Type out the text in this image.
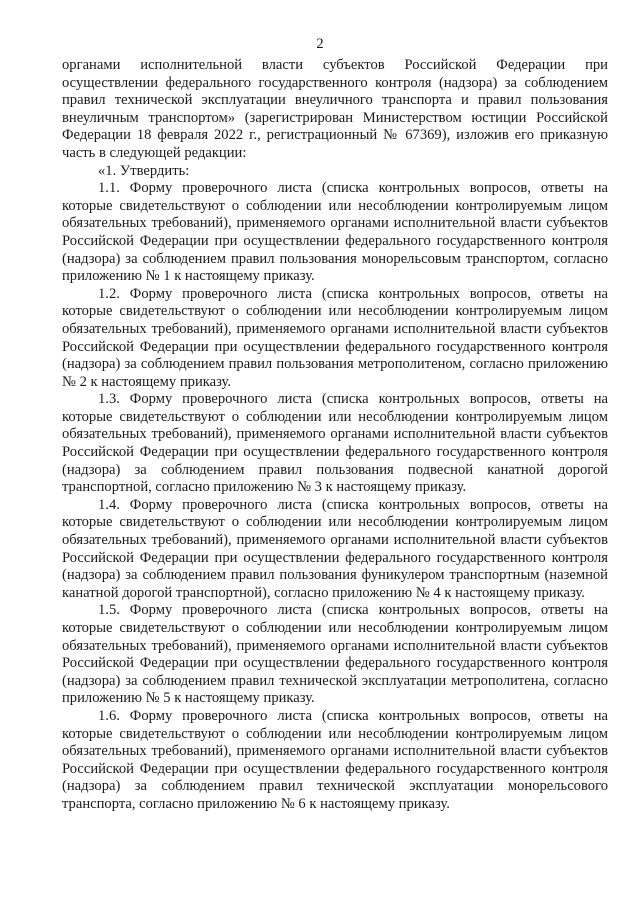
2

органами исполнительной власти субъектов Российской Федерации при осуществлении федерального государственного контроля (надзора) за соблюдением правил технической эксплуатации внеуличного транспорта и правил пользования внеуличным транспортом» (зарегистрирован Министерством юстиции Российской Федерации 18 февраля 2022 г., регистрационный № 67369), изложив его приказную часть в следующей редакции:

«1. Утвердить:

1.1. Форму проверочного листа (списка контрольных вопросов, ответы на которые свидетельствуют о соблюдении или несоблюдении контролируемым лицом обязательных требований), применяемого органами исполнительной власти субъектов Российской Федерации при осуществлении федерального государственного контроля (надзора) за соблюдением правил пользования монорельсовым транспортом, согласно приложению № 1 к настоящему приказу.

1.2. Форму проверочного листа (списка контрольных вопросов, ответы на которые свидетельствуют о соблюдении или несоблюдении контролируемым лицом обязательных требований), применяемого органами исполнительной власти субъектов Российской Федерации при осуществлении федерального государственного контроля (надзора) за соблюдением правил пользования метрополитеном, согласно приложению № 2 к настоящему приказу.

1.3. Форму проверочного листа (списка контрольных вопросов, ответы на которые свидетельствуют о соблюдении или несоблюдении контролируемым лицом обязательных требований), применяемого органами исполнительной власти субъектов Российской Федерации при осуществлении федерального государственного контроля (надзора) за соблюдением правил пользования подвесной канатной дорогой транспортной, согласно приложению № 3 к настоящему приказу.

1.4. Форму проверочного листа (списка контрольных вопросов, ответы на которые свидетельствуют о соблюдении или несоблюдении контролируемым лицом обязательных требований), применяемого органами исполнительной власти субъектов Российской Федерации при осуществлении федерального государственного контроля (надзора) за соблюдением правил пользования фуникулером транспортным (наземной канатной дорогой транспортной), согласно приложению № 4 к настоящему приказу.

1.5. Форму проверочного листа (списка контрольных вопросов, ответы на которые свидетельствуют о соблюдении или несоблюдении контролируемым лицом обязательных требований), применяемого органами исполнительной власти субъектов Российской Федерации при осуществлении федерального государственного контроля (надзора) за соблюдением правил технической эксплуатации метрополитена, согласно приложению № 5 к настоящему приказу.

1.6. Форму проверочного листа (списка контрольных вопросов, ответы на которые свидетельствуют о соблюдении или несоблюдении контролируемым лицом обязательных требований), применяемого органами исполнительной власти субъектов Российской Федерации при осуществлении федерального государственного контроля (надзора) за соблюдением правил технической эксплуатации монорельсового транспорта, согласно приложению № 6 к настоящему приказу.
